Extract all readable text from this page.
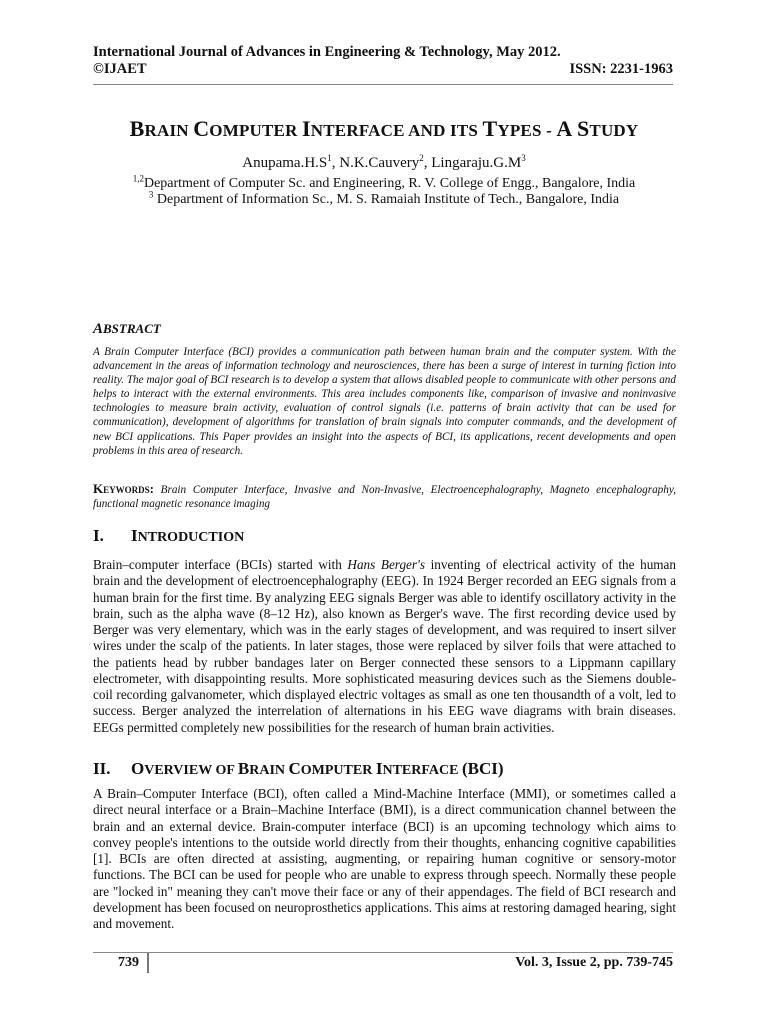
International Journal of Advances in Engineering & Technology, May 2012.
©IJAET	ISSN: 2231-1963
BRAIN COMPUTER INTERFACE AND ITS TYPES - A STUDY
$Anupama.H.S^1$, N.K.Cauvery$^2$, $Lingaraju.G.M^3$
$^{1,2}$Department of Computer Sc. and Engineering, R. V. College of Engg., Bangalore, India
$^3$ Department of Information Sc., M. S. Ramaiah Institute of Tech., Bangalore, India
ABSTRACT
A Brain Computer Interface (BCI) provides a communication path between human brain and the computer system. With the advancement in the areas of information technology and neurosciences, there has been a surge of interest in turning fiction into reality. The major goal of BCI research is to develop a system that allows disabled people to communicate with other persons and helps to interact with the external environments. This area includes components like, comparison of invasive and noninvasive technologies to measure brain activity, evaluation of control signals (i.e. patterns of brain activity that can be used for communication), development of algorithms for translation of brain signals into computer commands, and the development of new BCI applications. This Paper provides an insight into the aspects of BCI, its applications, recent developments and open problems in this area of research.
Keywords: Brain Computer Interface, Invasive and Non-Invasive, Electroencephalography, Magneto encephalography, functional magnetic resonance imaging
I. INTRODUCTION
Brain–computer interface (BCIs) started with Hans Berger's inventing of electrical activity of the human brain and the development of electroencephalography (EEG). In 1924 Berger recorded an EEG signals from a human brain for the first time. By analyzing EEG signals Berger was able to identify oscillatory activity in the brain, such as the alpha wave (8–12 Hz), also known as Berger's wave. The first recording device used by Berger was very elementary, which was in the early stages of development, and was required to insert silver wires under the scalp of the patients. In later stages, those were replaced by silver foils that were attached to the patients head by rubber bandages later on Berger connected these sensors to a Lippmann capillary electrometer, with disappointing results. More sophisticated measuring devices such as the Siemens double-coil recording galvanometer, which displayed electric voltages as small as one ten thousandth of a volt, led to success. Berger analyzed the interrelation of alternations in his EEG wave diagrams with brain diseases. EEGs permitted completely new possibilities for the research of human brain activities.
II. OVERVIEW OF BRAIN COMPUTER INTERFACE (BCI)
A Brain–Computer Interface (BCI), often called a Mind-Machine Interface (MMI), or sometimes called a direct neural interface or a Brain–Machine Interface (BMI), is a direct communication channel between the brain and an external device. Brain-computer interface (BCI) is an upcoming technology which aims to convey people's intentions to the outside world directly from their thoughts, enhancing cognitive capabilities [1]. BCIs are often directed at assisting, augmenting, or repairing human cognitive or sensory-motor functions. The BCI can be used for people who are unable to express through speech. Normally these people are "locked in" meaning they can't move their face or any of their appendages. The field of BCI research and development has been focused on neuroprosthetics applications. This aims at restoring damaged hearing, sight and movement.
739	Vol. 3, Issue 2, pp. 739-745
